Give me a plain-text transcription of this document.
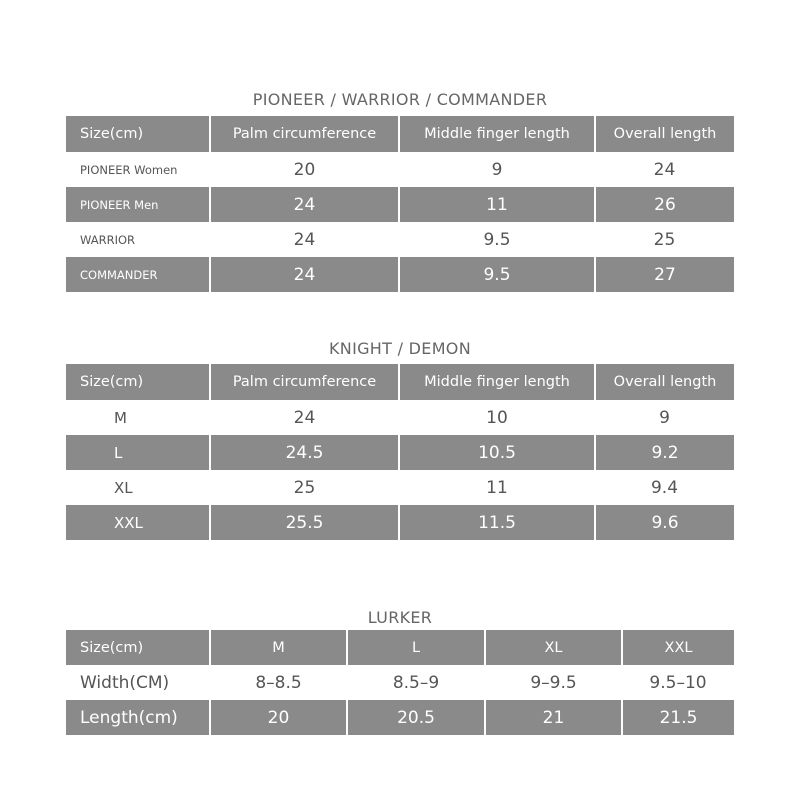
PIONEER / WARRIOR / COMMANDER
Size(cm)	Palm circumference	Middle finger length	Overall length
PIONEER Women	20	9	24
PIONEER Men	24	11	26
WARRIOR	24	9.5	25
COMMANDER	24	9.5	27
KNIGHT / DEMON
Size(cm)	Palm circumference	Middle finger length	Overall length
M	24	10	9
L	24.5	10.5	9.2
XL	25	11	9.4
XXL	25.5	11.5	9.6
LURKER
Size(cm)	M	L	XL	XXL
Width(CM)	8–8.5	8.5–9	9–9.5	9.5–10
Length(cm)	20	20.5	21	21.5
